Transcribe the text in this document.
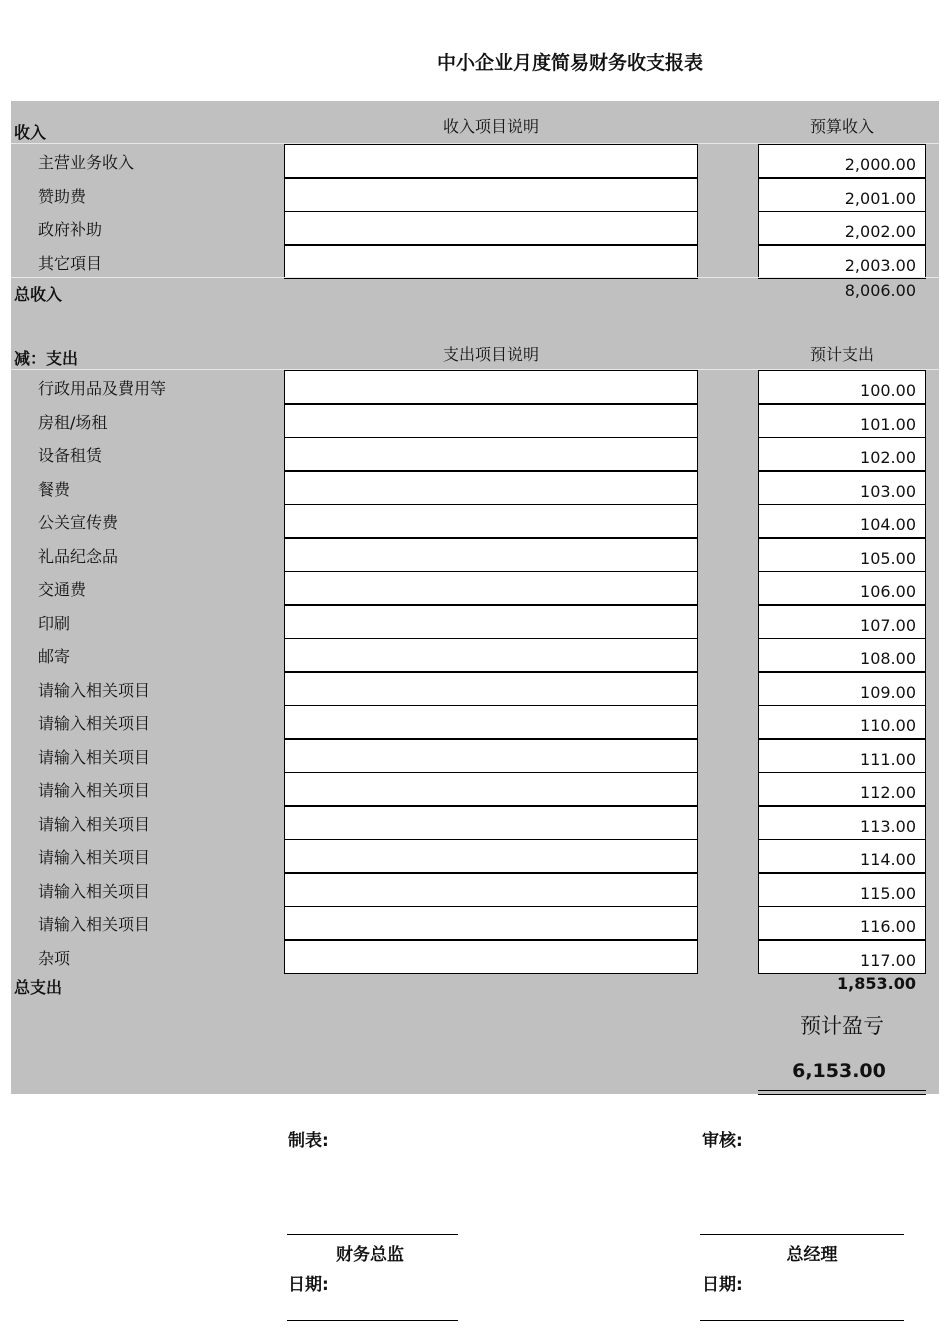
中小企业月度简易财务收支报表
收入	收入项目说明	预算收入
主营业务收入	2,000.00
赞助费	2,001.00
政府补助	2,002.00
其它項目	2,003.00
总收入	8,006.00
减：支出	支出项目说明	预计支出
行政用品及費用等	100.00
房租/场租	101.00
设备租赁	102.00
餐费	103.00
公关宣传费	104.00
礼品纪念品	105.00
交通费	106.00
印刷	107.00
邮寄	108.00
请输入相关项目	109.00
请输入相关项目	110.00
请输入相关项目	111.00
请输入相关项目	112.00
请输入相关项目	113.00
请输入相关项目	114.00
请输入相关项目	115.00
请输入相关项目	116.00
杂项	117.00
总支出	1,853.00
预计盈亏
6,153.00
制表:	审核:
财务总监	总经理
日期:	日期:
